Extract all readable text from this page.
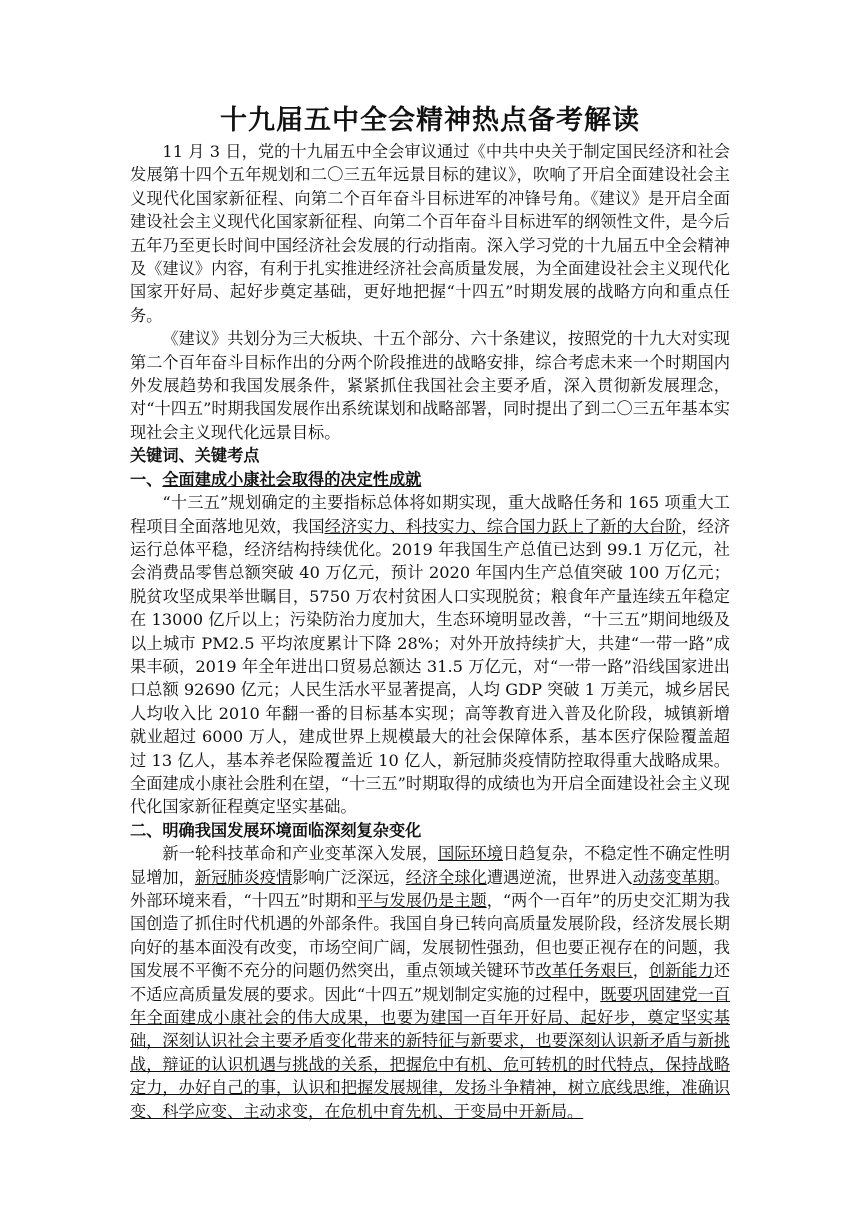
十九届五中全会精神热点备考解读

11 月 3 日，党的十九届五中全会审议通过《中共中央关于制定国民经济和社会发展第十四个五年规划和二〇三五年远景目标的建议》，吹响了开启全面建设社会主义现代化国家新征程、向第二个百年奋斗目标进军的冲锋号角。《建议》是开启全面建设社会主义现代化国家新征程、向第二个百年奋斗目标进军的纲领性文件，是今后五年乃至更长时间中国经济社会发展的行动指南。深入学习党的十九届五中全会精神及《建议》内容，有利于扎实推进经济社会高质量发展，为全面建设社会主义现代化国家开好局、起好步奠定基础，更好地把握“十四五”时期发展的战略方向和重点任务。

《建议》共划分为三大板块、十五个部分、六十条建议，按照党的十九大对实现第二个百年奋斗目标作出的分两个阶段推进的战略安排，综合考虑未来一个时期国内外发展趋势和我国发展条件，紧紧抓住我国社会主要矛盾，深入贯彻新发展理念，对“十四五”时期我国发展作出系统谋划和战略部署，同时提出了到二〇三五年基本实现社会主义现代化远景目标。

关键词、关键考点

一、全面建成小康社会取得的决定性成就

“十三五”规划确定的主要指标总体将如期实现，重大战略任务和 165 项重大工程项目全面落地见效，我国经济实力、科技实力、综合国力跃上了新的大台阶，经济运行总体平稳，经济结构持续优化。2019 年我国生产总值已达到 99.1 万亿元，社会消费品零售总额突破 40 万亿元，预计 2020 年国内生产总值突破 100 万亿元；脱贫攻坚成果举世瞩目，5750 万农村贫困人口实现脱贫；粮食年产量连续五年稳定在 13000 亿斤以上；污染防治力度加大，生态环境明显改善，“十三五”期间地级及以上城市 PM2.5 平均浓度累计下降 28%；对外开放持续扩大，共建“一带一路”成果丰硕，2019 年全年进出口贸易总额达 31.5 万亿元，对“一带一路”沿线国家进出口总额 92690 亿元；人民生活水平显著提高，人均 GDP 突破 1 万美元，城乡居民人均收入比 2010 年翻一番的目标基本实现；高等教育进入普及化阶段，城镇新增就业超过 6000 万人，建成世界上规模最大的社会保障体系，基本医疗保险覆盖超过 13 亿人，基本养老保险覆盖近 10 亿人，新冠肺炎疫情防控取得重大战略成果。全面建成小康社会胜利在望，“十三五”时期取得的成绩也为开启全面建设社会主义现代化国家新征程奠定坚实基础。

二、明确我国发展环境面临深刻复杂变化

新一轮科技革命和产业变革深入发展，国际环境日趋复杂，不稳定性不确定性明显增加，新冠肺炎疫情影响广泛深远，经济全球化遭遇逆流，世界进入动荡变革期。外部环境来看，“十四五”时期和平与发展仍是主题，“两个一百年”的历史交汇期为我国创造了抓住时代机遇的外部条件。我国自身已转向高质量发展阶段，经济发展长期向好的基本面没有改变，市场空间广阔，发展韧性强劲，但也要正视存在的问题，我国发展不平衡不充分的问题仍然突出，重点领域关键环节改革任务艰巨，创新能力还不适应高质量发展的要求。因此“十四五”规划制定实施的过程中，既要巩固建党一百年全面建成小康社会的伟大成果，也要为建国一百年开好局、起好步，奠定坚实基础，深刻认识社会主要矛盾变化带来的新特征与新要求，也要深刻认识新矛盾与新挑战，辩证的认识机遇与挑战的关系，把握危中有机、危可转机的时代特点，保持战略定力，办好自己的事，认识和把握发展规律，发扬斗争精神，树立底线思维，准确识变、科学应变、主动求变，在危机中育先机、于变局中开新局。
